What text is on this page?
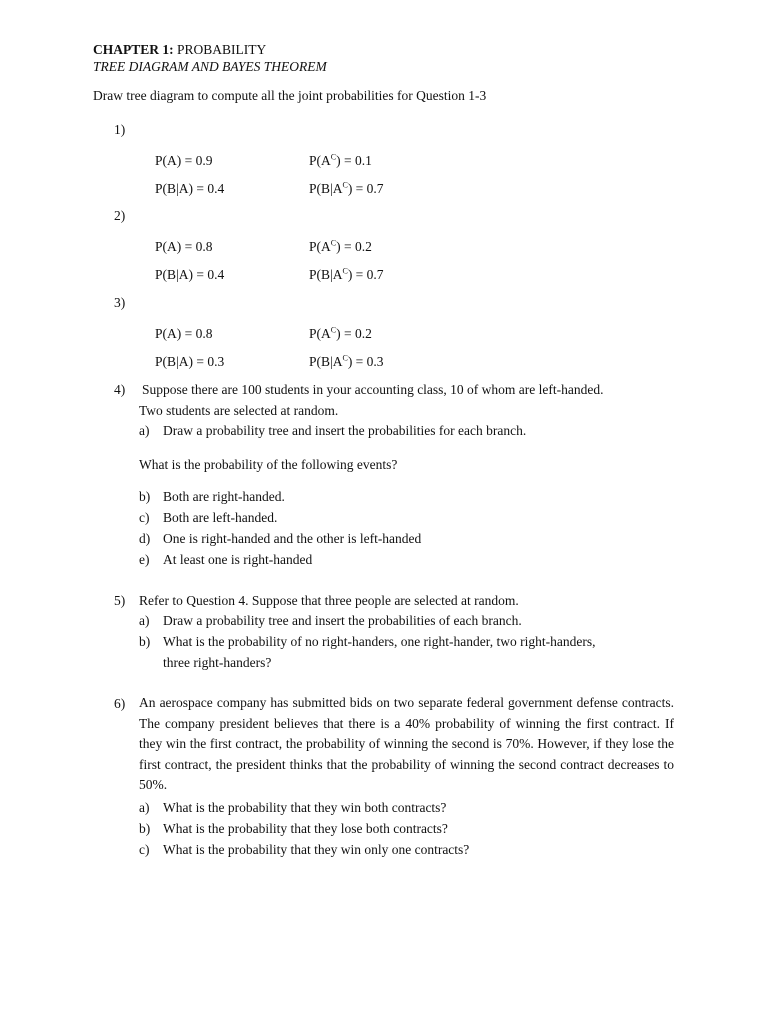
CHAPTER 1: PROBABILITY
TREE DIAGRAM AND BAYES THEOREM
Draw tree diagram to compute all the joint probabilities for Question 1-3
1)
P(A) = 0.9	$P(A^C) = 0.1$
P(B|A) = 0.4	$P(B|A^C) = 0.7$
2)
P(A) = 0.8	$P(A^C) = 0.2$
P(B|A) = 0.4	$P(B|A^C) = 0.7$
3)
P(A) = 0.8	$P(A^C) = 0.2$
P(B|A) = 0.3	$P(B|A^C) = 0.3$
4) Suppose there are 100 students in your accounting class, 10 of whom are left-handed.
Two students are selected at random.
a) Draw a probability tree and insert the probabilities for each branch.
What is the probability of the following events?
b) Both are right-handed.
c) Both are left-handed.
d) One is right-handed and the other is left-handed
e) At least one is right-handed
5) Refer to Question 4. Suppose that three people are selected at random.
a) Draw a probability tree and insert the probabilities of each branch.
b) What is the probability of no right-handers, one right-hander, two right-handers,
three right-handers?
6) An aerospace company has submitted bids on two separate federal government defense contracts. The company president believes that there is a 40% probability of winning the first contract. If they win the first contract, the probability of winning the second is 70%. However, if they lose the first contract, the president thinks that the probability of winning the second contract decreases to 50%.
a) What is the probability that they win both contracts?
b) What is the probability that they lose both contracts?
c) What is the probability that they win only one contracts?
